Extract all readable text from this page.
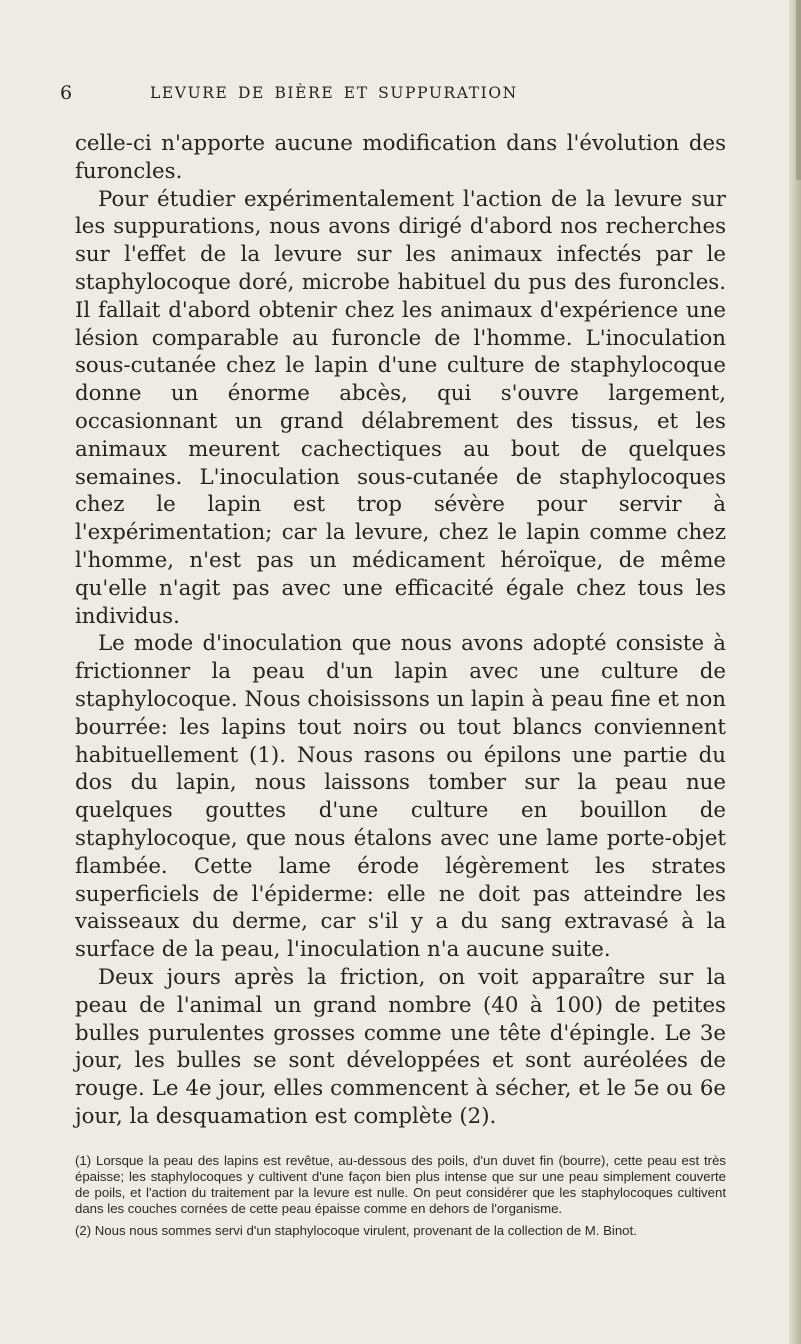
6	LEVURE DE BIÈRE ET SUPPURATION

celle-ci n'apporte aucune modification dans l'évolution des furoncles.

Pour étudier expérimentalement l'action de la levure sur les suppurations, nous avons dirigé d'abord nos recherches sur l'effet de la levure sur les animaux infectés par le staphylocoque doré, microbe habituel du pus des furoncles. Il fallait d'abord obtenir chez les animaux d'expérience une lésion comparable au furoncle de l'homme. L'inoculation sous-cutanée chez le lapin d'une culture de staphylocoque donne un énorme abcès, qui s'ouvre largement, occasionnant un grand délabrement des tissus, et les animaux meurent cachectiques au bout de quelques semaines. L'inoculation sous-cutanée de staphylocoques chez le lapin est trop sévère pour servir à l'expérimentation; car la levure, chez le lapin comme chez l'homme, n'est pas un médicament héroïque, de même qu'elle n'agit pas avec une efficacité égale chez tous les individus.

Le mode d'inoculation que nous avons adopté consiste à frictionner la peau d'un lapin avec une culture de staphylocoque. Nous choisissons un lapin à peau fine et non bourrée: les lapins tout noirs ou tout blancs conviennent habituellement (1). Nous rasons ou épilons une partie du dos du lapin, nous laissons tomber sur la peau nue quelques gouttes d'une culture en bouillon de staphylocoque, que nous étalons avec une lame porte-objet flambée. Cette lame érode légèrement les strates superficiels de l'épiderme: elle ne doit pas atteindre les vaisseaux du derme, car s'il y a du sang extravasé à la surface de la peau, l'inoculation n'a aucune suite.

Deux jours après la friction, on voit apparaître sur la peau de l'animal un grand nombre (40 à 100) de petites bulles purulentes grosses comme une tête d'épingle. Le 3e jour, les bulles se sont développées et sont auréolées de rouge. Le 4e jour, elles commencent à sécher, et le 5e ou 6e jour, la desquamation est complète (2).

(1) Lorsque la peau des lapins est revêtue, au-dessous des poils, d'un duvet fin (bourre), cette peau est très épaisse; les staphylocoques y cultivent d'une façon bien plus intense que sur une peau simplement couverte de poils, et l'action du traitement par la levure est nulle. On peut considérer que les staphylocoques cultivent dans les couches cornées de cette peau épaisse comme en dehors de l'organisme.

(2) Nous nous sommes servi d'un staphylocoque virulent, provenant de la collection de M. Binot.
